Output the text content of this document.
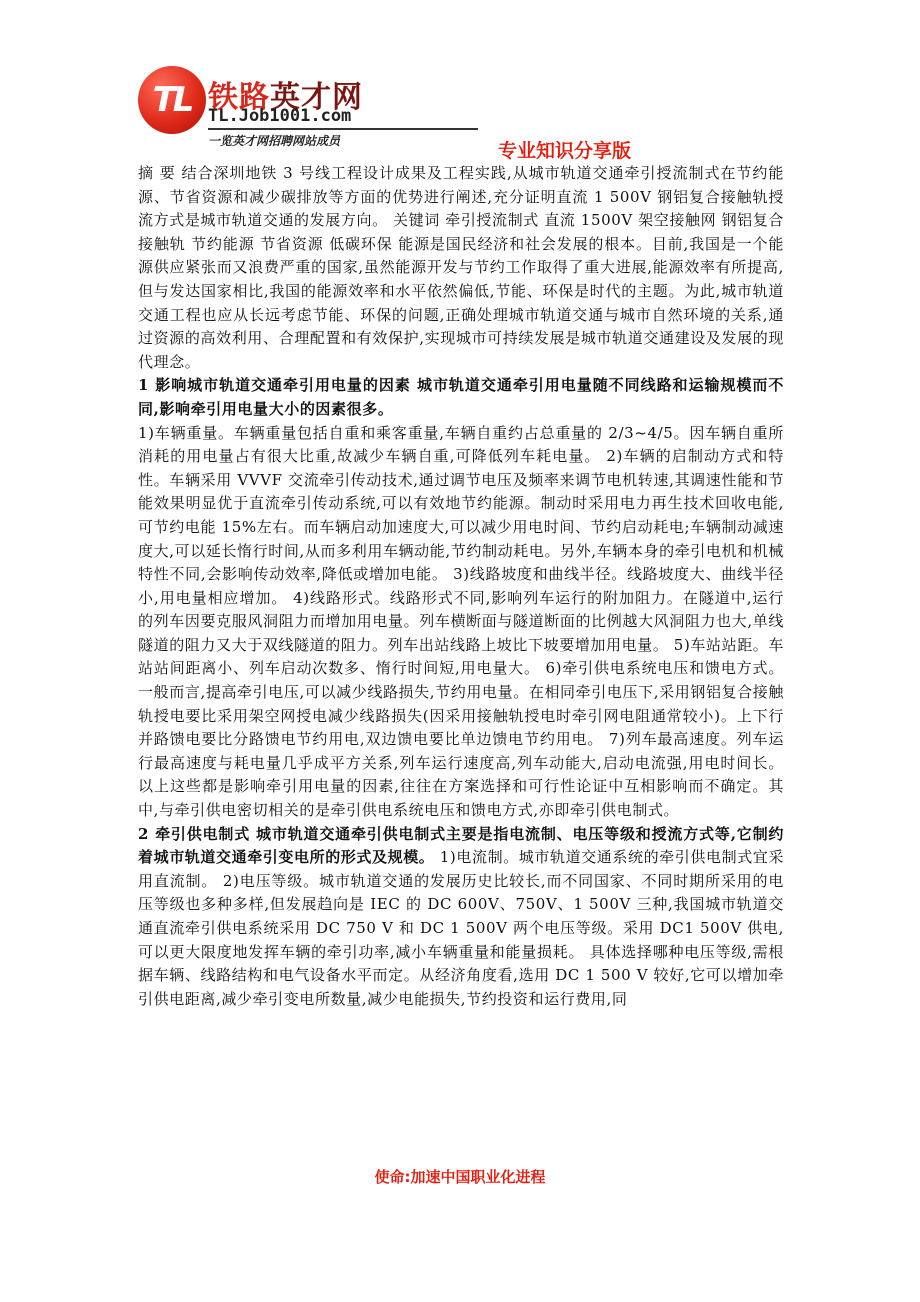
TL 铁路英才网
TL.Job1001.com
一览英才网招聘网站成员	专业知识分享版

摘 要 结合深圳地铁 3 号线工程设计成果及工程实践,从城市轨道交通牵引授流制式在节约能源、节省资源和减少碳排放等方面的优势进行阐述,充分证明直流 1 500V 钢铝复合接触轨授流方式是城市轨道交通的发展方向。 关键词 牵引授流制式 直流 1500V 架空接触网 钢铝复合接触轨 节约能源 节省资源 低碳环保 能源是国民经济和社会发展的根本。目前,我国是一个能源供应紧张而又浪费严重的国家,虽然能源开发与节约工作取得了重大进展,能源效率有所提高,但与发达国家相比,我国的能源效率和水平依然偏低,节能、环保是时代的主题。为此,城市轨道交通工程也应从长远考虑节能、环保的问题,正确处理城市轨道交通与城市自然环境的关系,通过资源的高效利用、合理配置和有效保护,实现城市可持续发展是城市轨道交通建设及发展的现代理念。

1 影响城市轨道交通牵引用电量的因素 城市轨道交通牵引用电量随不同线路和运输规模而不同,影响牵引用电量大小的因素很多。

1)车辆重量。车辆重量包括自重和乘客重量,车辆自重约占总重量的 2/3~4/5。因车辆自重所消耗的用电量占有很大比重,故减少车辆自重,可降低列车耗电量。 2)车辆的启制动方式和特性。车辆采用 VVVF 交流牵引传动技术,通过调节电压及频率来调节电机转速,其调速性能和节能效果明显优于直流牵引传动系统,可以有效地节约能源。制动时采用电力再生技术回收电能,可节约电能 15%左右。而车辆启动加速度大,可以减少用电时间、节约启动耗电;车辆制动减速度大,可以延长惰行时间,从而多利用车辆动能,节约制动耗电。另外,车辆本身的牵引电机和机械特性不同,会影响传动效率,降低或增加电能。 3)线路坡度和曲线半径。线路坡度大、曲线半径小,用电量相应增加。 4)线路形式。线路形式不同,影响列车运行的附加阻力。在隧道中,运行的列车因要克服风洞阻力而增加用电量。列车横断面与隧道断面的比例越大风洞阻力也大,单线隧道的阻力又大于双线隧道的阻力。列车出站线路上坡比下坡要增加用电量。 5)车站站距。车站站间距离小、列车启动次数多、惰行时间短,用电量大。 6)牵引供电系统电压和馈电方式。一般而言,提高牵引电压,可以减少线路损失,节约用电量。在相同牵引电压下,采用钢铝复合接触轨授电要比采用架空网授电减少线路损失(因采用接触轨授电时牵引网电阻通常较小)。上下行并路馈电要比分路馈电节约用电,双边馈电要比单边馈电节约用电。 7)列车最高速度。列车运行最高速度与耗电量几乎成平方关系,列车运行速度高,列车动能大,启动电流强,用电时间长。 以上这些都是影响牵引用电量的因素,往往在方案选择和可行性论证中互相影响而不确定。其中,与牵引供电密切相关的是牵引供电系统电压和馈电方式,亦即牵引供电制式。

2 牵引供电制式 城市轨道交通牵引供电制式主要是指电流制、电压等级和授流方式等,它制约着城市轨道交通牵引变电所的形式及规模。 1)电流制。城市轨道交通系统的牵引供电制式宜采用直流制。 2)电压等级。城市轨道交通的发展历史比较长,而不同国家、不同时期所采用的电压等级也多种多样,但发展趋向是 IEC 的 DC 600V、750V、1 500V 三种,我国城市轨道交通直流牵引供电系统采用 DC 750 V 和 DC 1 500V 两个电压等级。采用 DC1 500V 供电,可以更大限度地发挥车辆的牵引功率,减小车辆重量和能量损耗。 具体选择哪种电压等级,需根据车辆、线路结构和电气设备水平而定。从经济角度看,选用 DC 1 500 V 较好,它可以增加牵引供电距离,减少牵引变电所数量,减少电能损失,节约投资和运行费用,同

使命:加速中国职业化进程
